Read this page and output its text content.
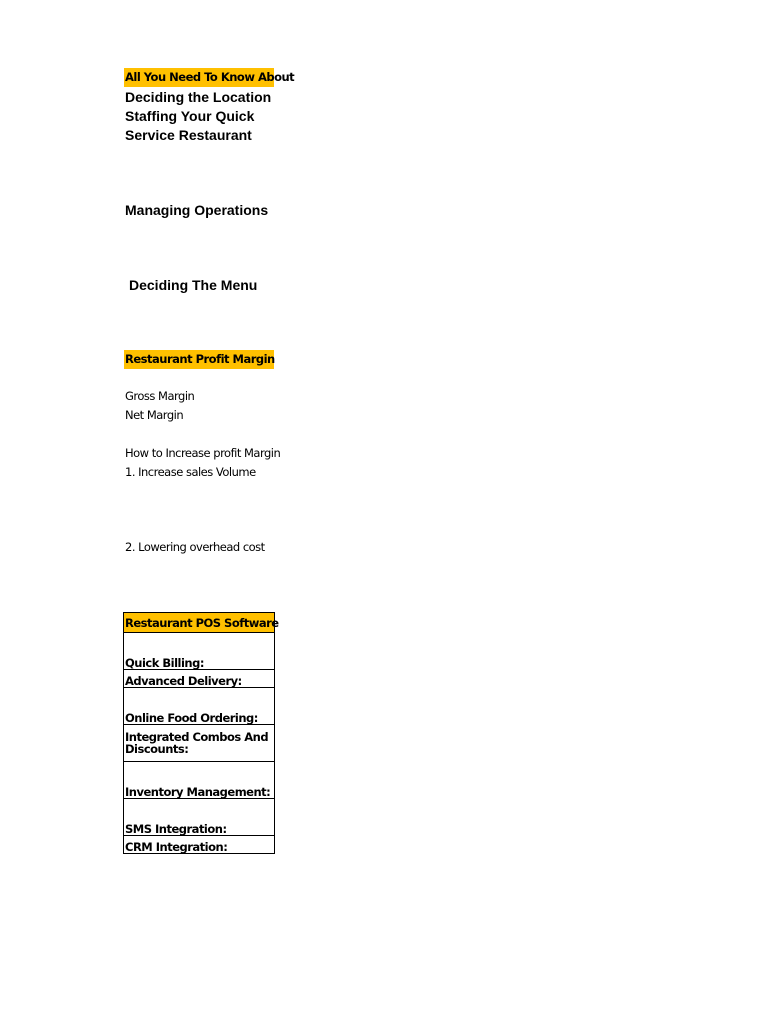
All You Need To Know About
Deciding the Location
Staffing Your Quick
Service Restaurant
Managing Operations
Deciding The Menu
Restaurant Profit Margin
Gross Margin
Net Margin
How to Increase profit Margin
1. Increase sales Volume
2. Lowering overhead cost
Restaurant POS Software
Quick Billing:
Advanced Delivery:
Online Food Ordering:
Integrated Combos And Discounts:
Inventory Management:
SMS Integration:
CRM Integration:
